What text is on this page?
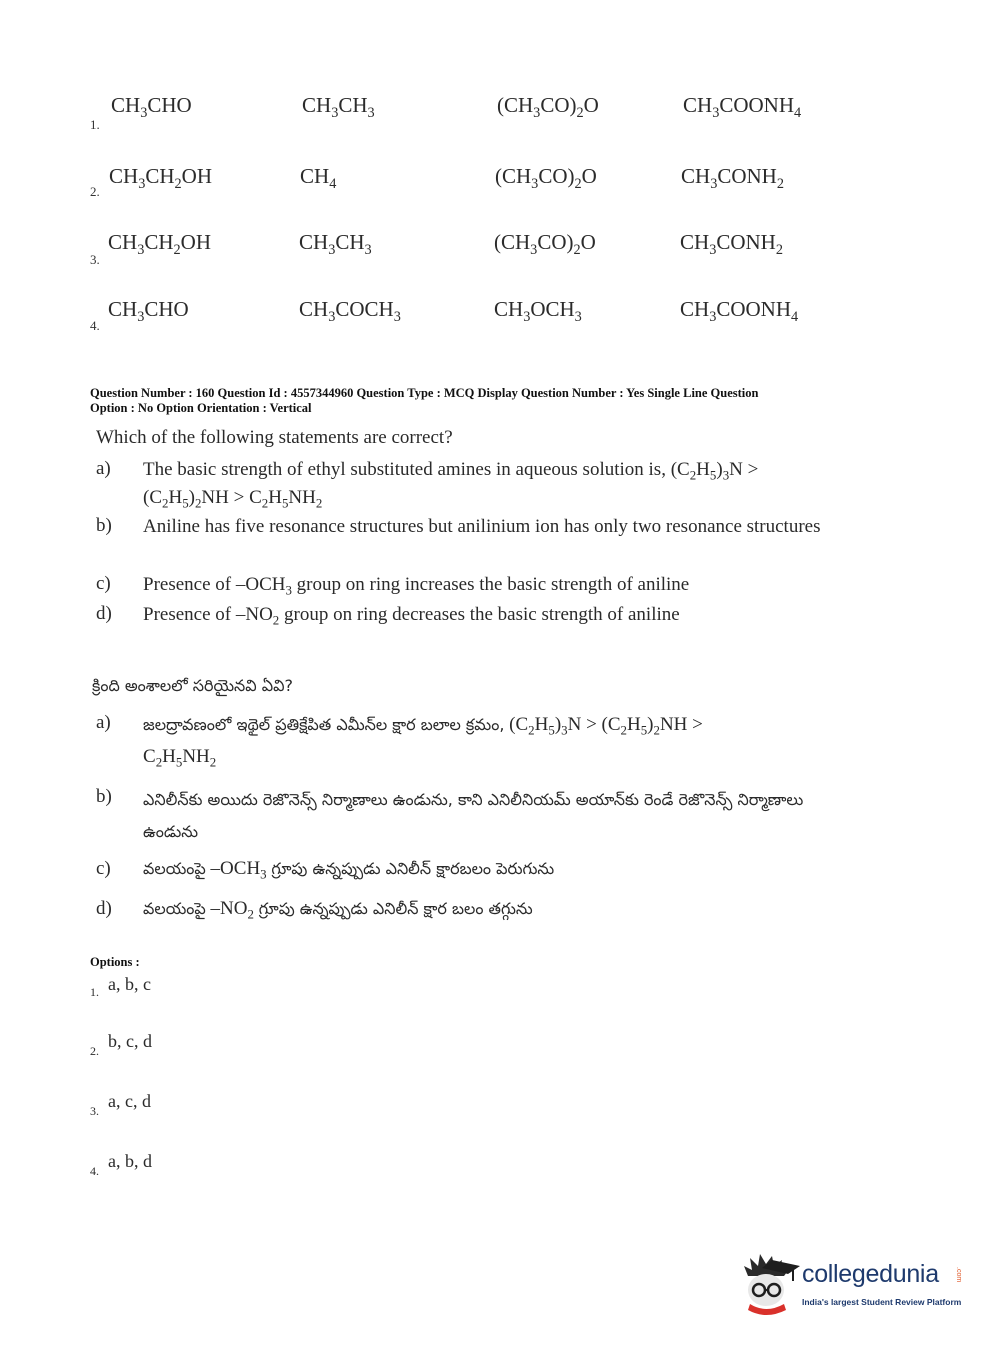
1.
$CH_3CHO$	$CH_3CH_3$	$(CH_3CO)_2O$	$CH_3COONH_4$
2.
$CH_3CH_2OH$	$CH_4$	$(CH_3CO)_2O$	$CH_3CONH_2$
3.
$CH_3CH_2OH$	$CH_3CH_3$	$(CH_3CO)_2O$	$CH_3CONH_2$
4.
$CH_3CHO$	$CH_3COCH_3$	$CH_3OCH_3$	$CH_3COONH_4$
Question Number : 160 Question Id : 4557344960 Question Type : MCQ Display Question Number : Yes Single Line Question
Option : No Option Orientation : Vertical
Which of the following statements are correct?
a) The basic strength of ethyl substituted amines in aqueous solution is, $(C_2H_5)_3N$ >
$(C_2H_5)_2NH > C_2H_5NH_2$
b) Aniline has five resonance structures but anilinium ion has only two resonance structures
c) Presence of $-OCH_3$ group on ring increases the basic strength of aniline
d) Presence of $-NO_2$ group on ring decreases the basic strength of aniline
క్రింది అంశాలలో సరియైనవి ఏవి?
a) జలద్రావణంలో ఇథైల్ ప్రతిక్షేపిత ఎమీన్‌ల క్షార బలాల క్రమం, $(C_2H_5)_3N > (C_2H_5)_2NH$ >
$C_2H_5NH_2$
b) ఎనిలీన్‌కు అయిదు రెజొనెన్స్ నిర్మాణాలు ఉండును, కాని ఎనిలీనియమ్ అయాన్‌కు రెండే రెజొనెన్స్ నిర్మాణాలు ఉండును
c) వలయంపై $-OCH_3$ గ్రూపు ఉన్నప్పుడు ఎనిలీన్ క్షారబలం పెరుగును
d) వలయంపై $-NO_2$ గ్రూపు ఉన్నప్పుడు ఎనిలీన్ క్షార బలం తగ్గును
Options :
1. a, b, c
2. b, c, d
3. a, c, d
4. a, b, d
collegedunia .com
India's largest Student Review Platform
